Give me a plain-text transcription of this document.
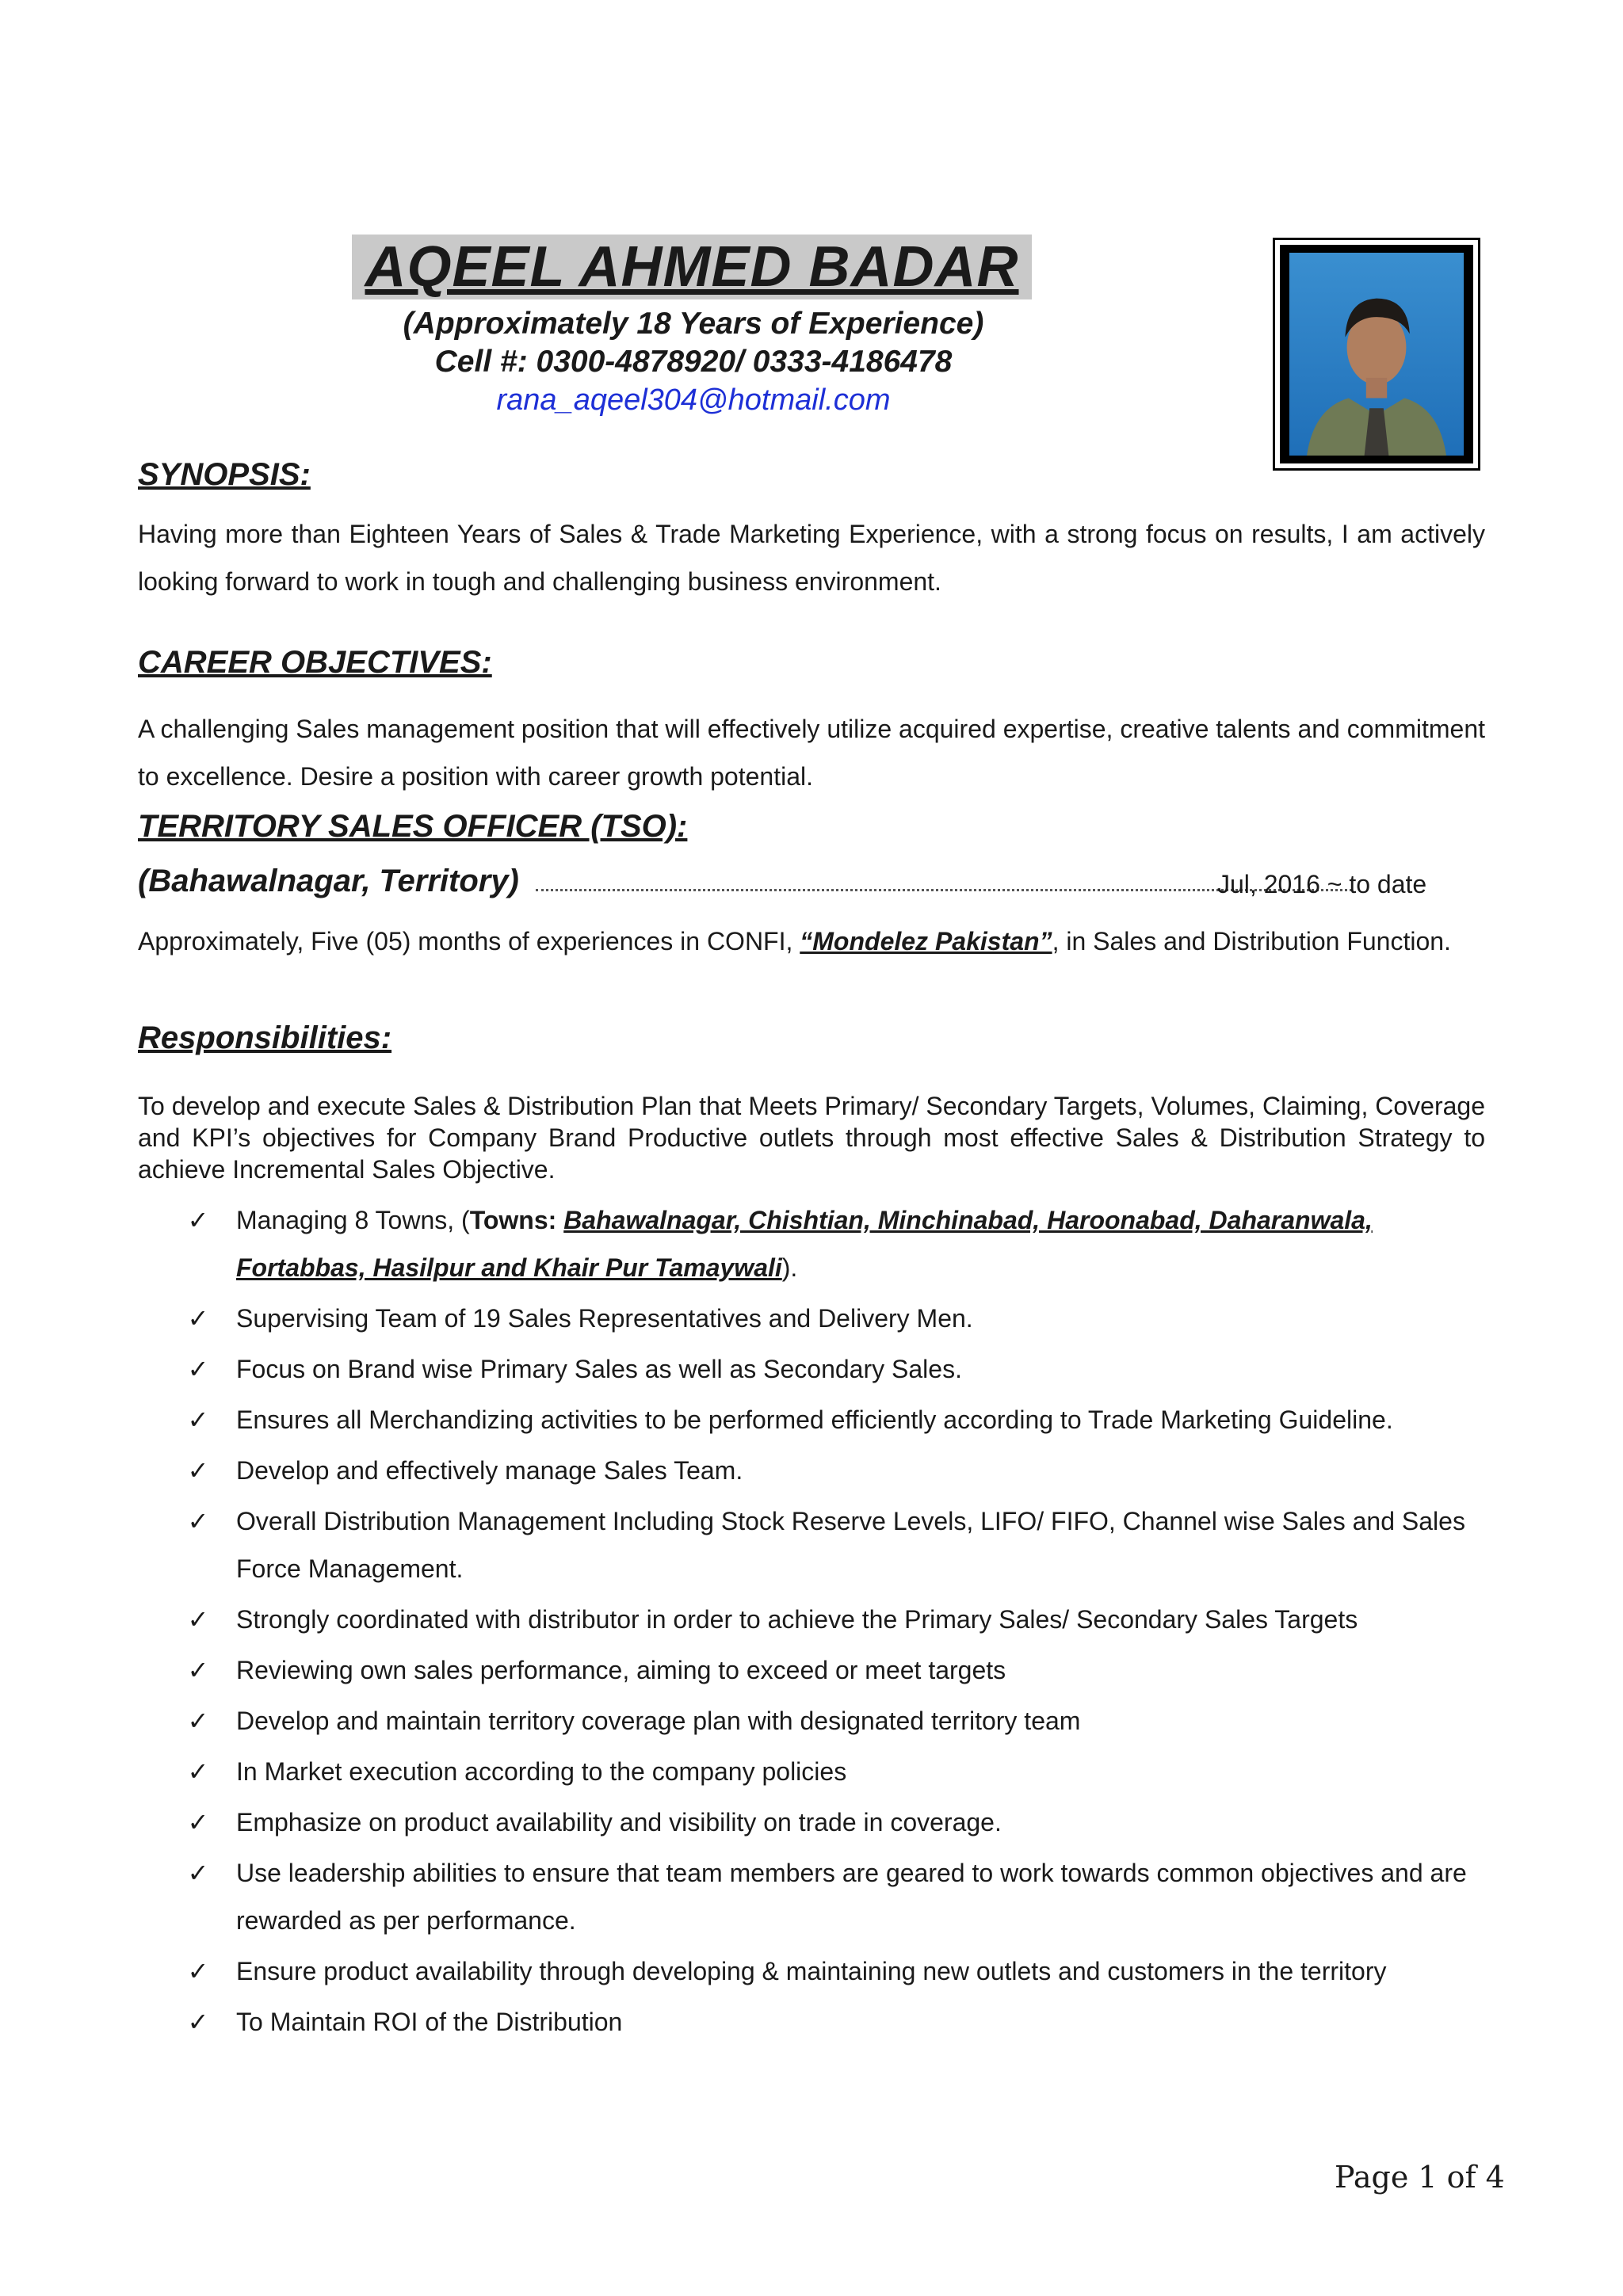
AQEEL AHMED BADAR
(Approximately 18 Years of Experience)
Cell #: 0300-4878920/ 0333-4186478
rana_aqeel304@hotmail.com
SYNOPSIS:
Having more than Eighteen Years of Sales & Trade Marketing Experience, with a strong focus on results, I am actively looking forward to work in tough and challenging business environment.
CAREER OBJECTIVES:
A challenging Sales management position that will effectively utilize acquired expertise, creative talents and commitment to excellence. Desire a position with career growth potential.
TERRITORY SALES OFFICER (TSO):
(Bahawalnagar, Territory)	Jul, 2016 ~ to date
Approximately, Five (05) months of experiences in CONFI, “Mondelez Pakistan”, in Sales and Distribution Function.
Responsibilities:
To develop and execute Sales & Distribution Plan that Meets Primary/ Secondary Targets, Volumes, Claiming, Coverage and KPI’s objectives for Company Brand Productive outlets through most effective Sales & Distribution Strategy to achieve Incremental Sales Objective.
✓ Managing 8 Towns, (Towns: Bahawalnagar, Chishtian, Minchinabad, Haroonabad, Daharanwala, Fortabbas, Hasilpur and Khair Pur Tamaywali).
✓ Supervising Team of 19 Sales Representatives and Delivery Men.
✓ Focus on Brand wise Primary Sales as well as Secondary Sales.
✓ Ensures all Merchandizing activities to be performed efficiently according to Trade Marketing Guideline.
✓ Develop and effectively manage Sales Team.
✓ Overall Distribution Management Including Stock Reserve Levels, LIFO/ FIFO, Channel wise Sales and Sales Force Management.
✓ Strongly coordinated with distributor in order to achieve the Primary Sales/ Secondary Sales Targets
✓ Reviewing own sales performance, aiming to exceed or meet targets
✓ Develop and maintain territory coverage plan with designated territory team
✓ In Market execution according to the company policies
✓ Emphasize on product availability and visibility on trade in coverage.
✓ Use leadership abilities to ensure that team members are geared to work towards common objectives and are rewarded as per performance.
✓ Ensure product availability through developing & maintaining new outlets and customers in the territory
✓ To Maintain ROI of the Distribution
Page 1 of 4
